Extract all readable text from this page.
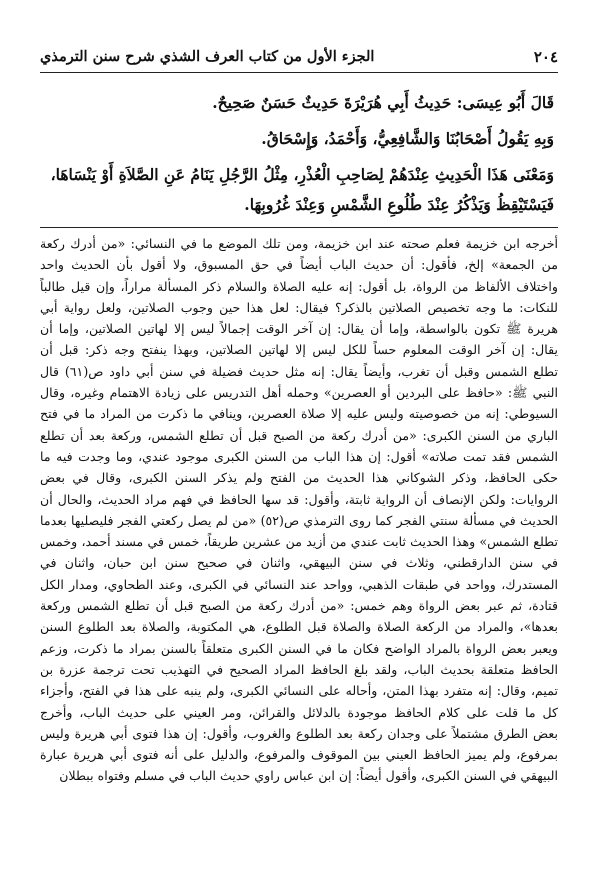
٢٠٤
الجزء الأول من كتاب العرف الشذي شرح سنن الترمذي

قَالَ أَبُو عِيسَى: حَدِيثُ أَبِي هُرَيْرَةَ حَدِيثٌ حَسَنٌ صَحِيحٌ.

وَبِهِ يَقُولُ أَصْحَابُنَا وَالشَّافِعِيُّ، وَأَحْمَدُ، وَإِسْحَاقُ.

وَمَعْنَى هَذَا الْحَدِيثِ عِنْدَهُمْ لِصَاحِبِ الْعُذْرِ، مِثْلُ الرَّجُلِ يَنَامُ عَنِ الصَّلاَةِ أَوْ يَنْسَاهَا،

فَيَسْتَيْقِظُ وَيَذْكُرُ عِنْدَ طُلُوعِ الشَّمْسِ وَعِنْدَ غُرُوبِهَا.

أخرجه ابن خزيمة فعلم صحته عند ابن خزيمة، ومن تلك الموضع ما في النسائي: «من أدرك ركعة
من الجمعة» إلخ، فأقول: أن حديث الباب أيضاً في حق المسبوق، ولا أقول بأن الحديث واحد
واختلاف الألفاظ من الرواة، بل أقول: إنه عليه الصلاة والسلام ذكر المسألة مراراً، وإن قيل طالباً
للنكات: ما وجه تخصيص الصلاتين بالذكر؟ فيقال: لعل هذا حين وجوب الصلاتين، ولعل رواية أبي
هريرة ﷺ تكون بالواسطة، وإما أن يقال: إن آخر الوقت إجمالاً ليس إلا لهاتين الصلاتين، وإما أن
يقال: إن آخر الوقت المعلوم حساً للكل ليس إلا لهاتين الصلاتين، وبهذا ينفتح وجه ذكر: قبل أن
تطلع الشمس وقبل أن تغرب، وأيضاً يقال: إنه مثل حديث فضيلة في سنن أبي داود ص(٦١) قال
النبي ﷺ: «حافظ على البردين أو العصرين» وحمله أهل التدريس على زيادة الاهتمام وغيره، وقال
السيوطي: إنه من خصوصيته وليس عليه إلا صلاة العصرين، وينافي ما ذكرت من المراد ما في فتح
الباري من السنن الكبرى: «من أدرك ركعة من الصبح قبل أن تطلع الشمس، وركعة بعد أن تطلع
الشمس فقد تمت صلاته» أقول: إن هذا الباب من السنن الكبرى موجود عندي، وما وجدت فيه ما
حكى الحافظ، وذكر الشوكاني هذا الحديث من الفتح ولم يذكر السنن الكبرى، وقال في بعض
الروايات: ولكن الإنصاف أن الرواية ثابتة، وأقول: قد سها الحافظ في فهم مراد الحديث، والحال أن
الحديث في مسألة سنتي الفجر كما روى الترمذي ص(٥٢) «من لم يصل ركعتي الفجر فليصليها بعدما
تطلع الشمس» وهذا الحديث ثابت عندي من أزيد من عشرين طريقاً، خمس في مسند أحمد، وخمس
في سنن الدارقطني، وثلاث في سنن البيهقي، واثنان في صحيح سنن ابن حبان، واثنان في
المستدرك، وواحد في طبقات الذهبي، وواحد عند النسائي في الكبرى، وعند الطحاوي، ومدار الكل
قتادة، ثم عبر بعض الرواة وهم خمس: «من أدرك ركعة من الصبح قبل أن تطلع الشمس وركعة
بعدها»، والمراد من الركعة الصلاة والصلاة قبل الطلوع، هي المكتوبة، والصلاة بعد الطلوع السنن
ويعبر بعض الرواة بالمراد الواضح فكان ما في السنن الكبرى متعلقاً بالسنن بمراد ما ذكرت، وزعم
الحافظ متعلقة بحديث الباب، ولقد بلغ الحافظ المراد الصحيح في التهذيب تحت ترجمة عزرة بن
تميم، وقال: إنه متفرد بهذا المتن، وأحاله على النسائي الكبرى، ولم ينبه على هذا في الفتح، وأجزاء
كل ما قلت على كلام الحافظ موجودة بالدلائل والقرائن، ومر العيني على حديث الباب، وأخرج
بعض الطرق مشتملاً على وجدان ركعة بعد الطلوع والغروب، وأقول: إن هذا فتوى أبي هريرة وليس
بمرفوع، ولم يميز الحافظ العيني بين الموقوف والمرفوع، والدليل على أنه فتوى أبي هريرة عبارة
البيهقي في السنن الكبرى، وأقول أيضاً: إن ابن عباس راوي حديث الباب في مسلم وفتواه ببطلان
